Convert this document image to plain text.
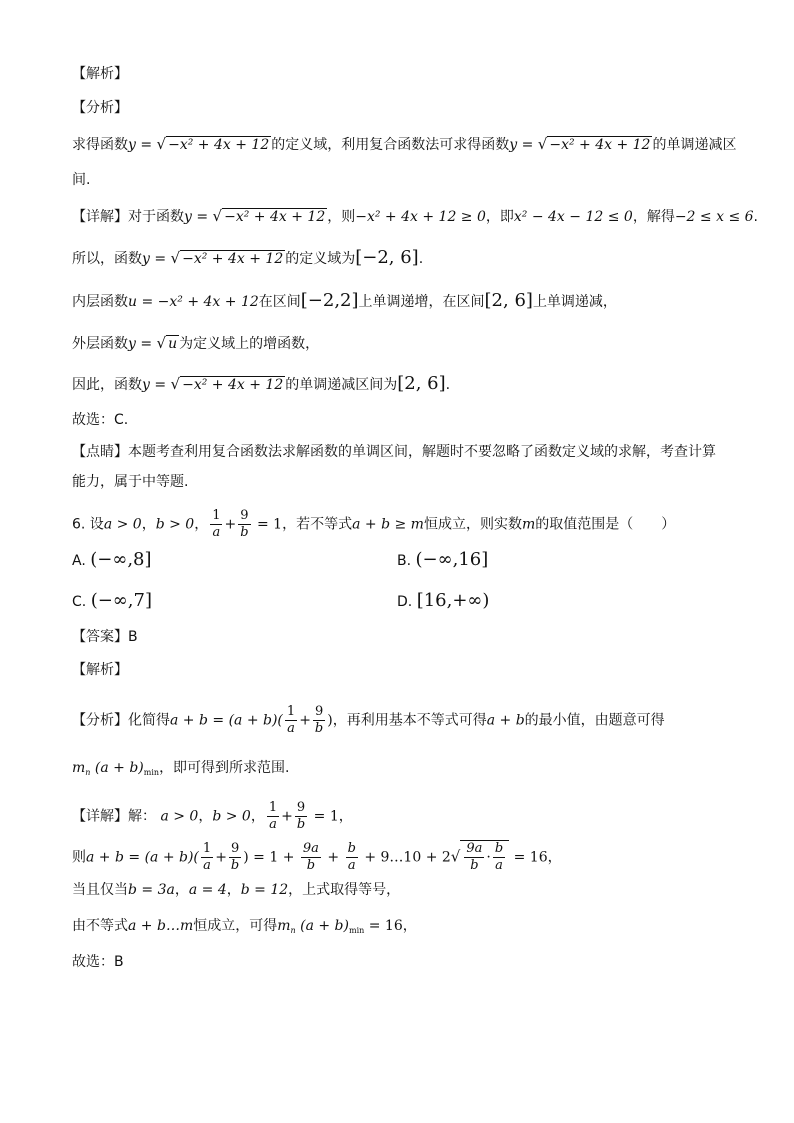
【解析】
【分析】
求得函数y = √ −x² + 4x + 12 的定义域，利用复合函数法可求得函数y = √ −x² + 4x + 12 的单调递减区
间.
【详解】对于函数y = √ −x² + 4x + 12 ，则−x² + 4x + 12 ≥ 0，即x² − 4x − 12 ≤ 0，解得−2 ≤ x ≤ 6.
所以，函数y = √ −x² + 4x + 12 的定义域为[−2, 6].
内层函数u = −x² + 4x + 12在区间[−2,2]上单调递增，在区间[2, 6]上单调递减，
外层函数y = √ u 为定义域上的增函数，
因此，函数y = √ −x² + 4x + 12 的单调递减区间为[2, 6].
故选：C.
【点睛】本题考查利用复合函数法求解函数的单调区间，解题时不要忽略了函数定义域的求解，考查计算
能力，属于中等题.
6. 设a > 0，b > 0， $\frac{1}{a} + \frac{9}{b} = 1$，若不等式a + b ≥ m恒成立，则实数m的取值范围是（　　）
A. (−∞,8]	B. (−∞,16]
C. (−∞,7]	D. [16,+∞)
【答案】B
【解析】
【分析】化简得$a + b = (a + b)( \frac{1}{a} + \frac{9}{b}$ )，再利用基本不等式可得a + b的最小值，由题意可得
$m_n$ $(a + b)_{min}$，即可得到所求范围.
【详解】解： a > 0，b > 0， $\frac{1}{a} + \frac{9}{b} = 1$，
则$a + b = (a + b)( \frac{1}{a} + \frac{9}{b}$ ) = $1 + \frac{9a}{b} + \frac{b}{a}$ + 9…10 + $2√ \frac{9a}{b} \cdot \frac{b}{a} = 16$，
当且仅当b = 3a，a = 4，b = 12，上式取得等号，
由不等式a + b…m恒成立，可得$m_n$ $(a + b)_{min} = 16$，
故选：B
